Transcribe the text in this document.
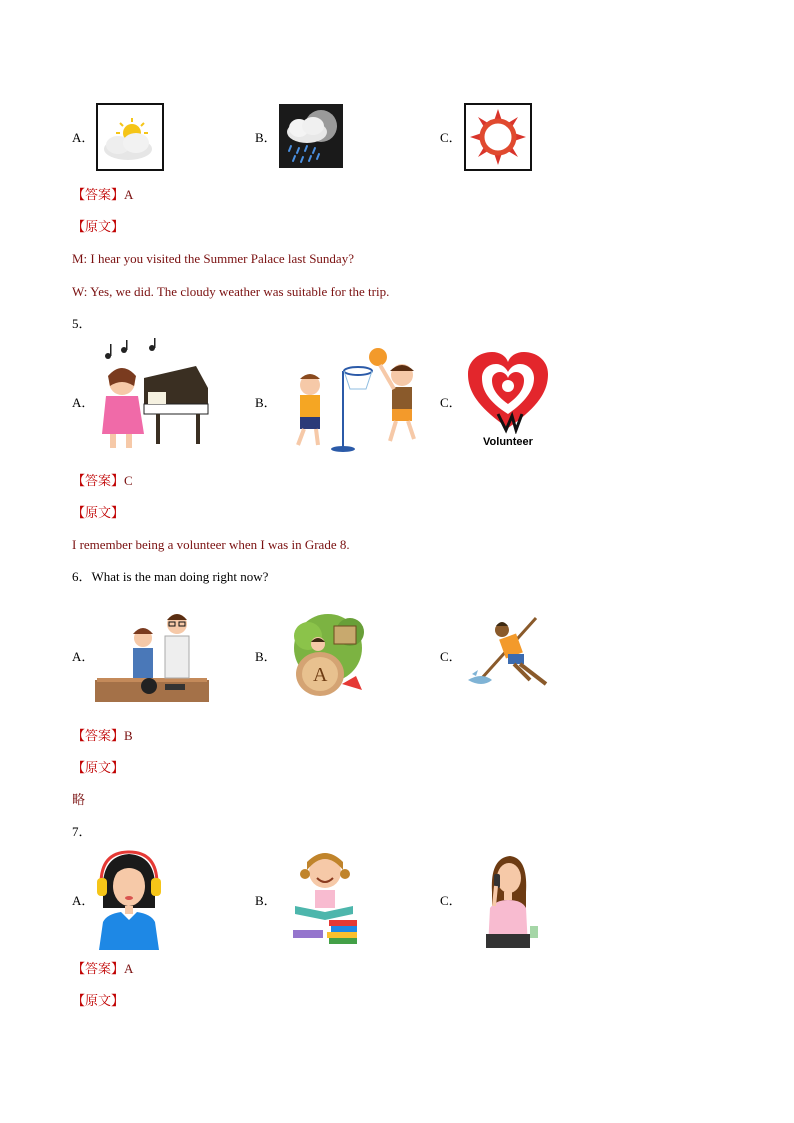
A．	B．	C．
【答案】A
【原文】
M: I hear you visited the Summer Palace last Sunday?
W: Yes, we did. The cloudy weather was suitable for the trip.
5．
A．	B．	C．
Volunteer
【答案】C
【原文】
I remember being a volunteer when I was in Grade 8.
6．What is the man doing right now?
A．	B．
A
C．
【答案】B
【原文】
略
7．
A．	B．	C．
【答案】A
【原文】
